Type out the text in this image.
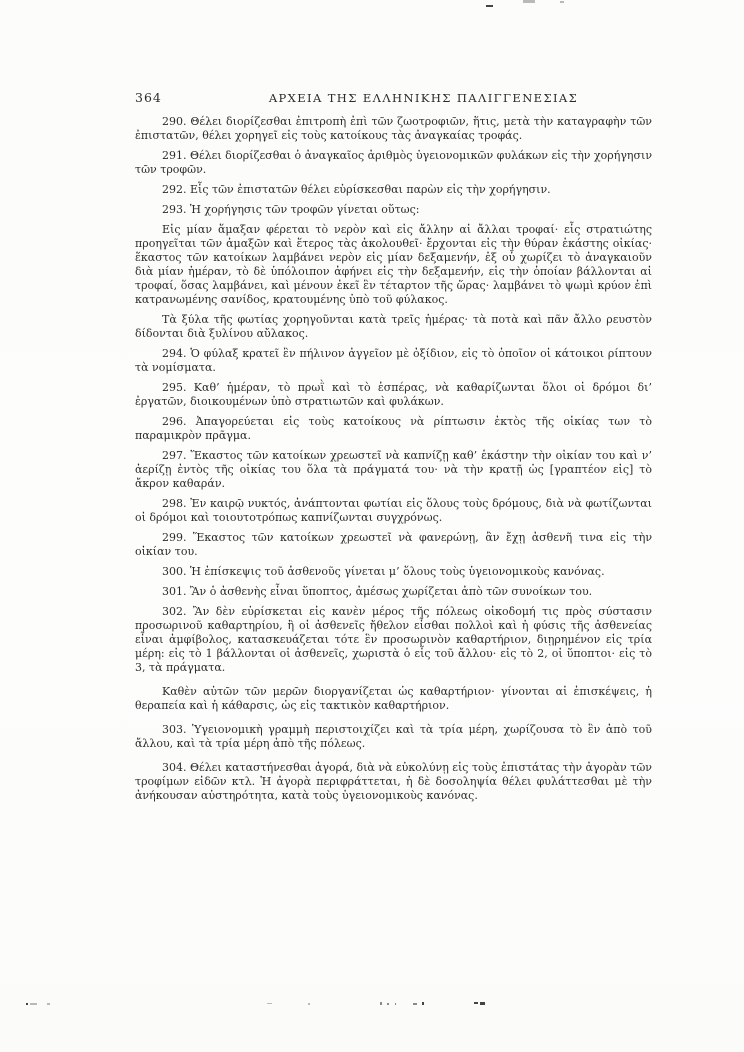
364	ΑΡΧΕΙΑ ΤΗΣ ΕΛΛΗΝΙΚΗΣ ΠΑΛΙΓΓΕΝΕΣΙΑΣ

290. Θέλει διορίζεσθαι ἐπιτροπὴ ἐπὶ τῶν ζωοτροφιῶν, ἥτις, μετὰ τὴν καταγραφὴν τῶν ἐπιστατῶν, θέλει χορηγεῖ εἰς τοὺς κατοίκους τὰς ἀναγκαίας τροφάς.

291. Θέλει διορίζεσθαι ὁ ἀναγκαῖος ἀριθμὸς ὑγειονομικῶν φυλάκων εἰς τὴν χορήγησιν τῶν τροφῶν.

292. Εἷς τῶν ἐπιστατῶν θέλει εὑρίσκεσθαι παρὼν εἰς τὴν χορήγησιν.

293. Ἡ χορήγησις τῶν τροφῶν γίνεται οὕτως:

Εἰς μίαν ἅμαξαν φέρεται τὸ νερὸν καὶ εἰς ἄλλην αἱ ἄλλαι τροφαί· εἷς στρατιώτης προηγεῖται τῶν ἁμαξῶν καὶ ἕτερος τὰς ἀκολουθεῖ· ἔρχονται εἰς τὴν θύραν ἑκάστης οἰκίας· ἕκαστος τῶν κατοίκων λαμβάνει νερὸν εἰς μίαν δεξαμενήν, ἐξ οὗ χωρίζει τὸ ἀναγκαιοῦν διὰ μίαν ἡμέραν, τὸ δὲ ὑπόλοιπον ἀφήνει εἰς τὴν δεξαμενήν, εἰς τὴν ὁποίαν βάλλονται αἱ τροφαί, ὅσας λαμβάνει, καὶ μένουν ἐκεῖ ἓν τέταρτον τῆς ὥρας· λαμβάνει τὸ ψωμὶ κρύον ἐπὶ κατρανωμένης σανίδος, κρατουμένης ὑπὸ τοῦ φύλακος.

Τὰ ξύλα τῆς φωτίας χορηγοῦνται κατὰ τρεῖς ἡμέρας· τὰ ποτὰ καὶ πᾶν ἄλλο ρευστὸν δίδονται διὰ ξυλίνου αὔλακος.

294. Ὁ φύλαξ κρατεῖ ἓν πήλινον ἀγγεῖον μὲ ὀξίδιον, εἰς τὸ ὁποῖον οἱ κάτοικοι ρίπτουν τὰ νομίσματα.

295. Καθ’ ἡμέραν, τὸ πρωῒ καὶ τὸ ἑσπέρας, νὰ καθαρίζωνται ὅλοι οἱ δρόμοι δι’ ἐργατῶν, διοικουμένων ὑπὸ στρατιωτῶν καὶ φυλάκων.

296. Ἀπαγορεύεται εἰς τοὺς κατοίκους νὰ ρίπτωσιν ἐκτὸς τῆς οἰκίας των τὸ παραμικρὸν πρᾶγμα.

297. Ἕκαστος τῶν κατοίκων χρεωστεῖ νὰ καπνίζῃ καθ’ ἑκάστην τὴν οἰκίαν του καὶ ν’ ἀερίζῃ ἐντὸς τῆς οἰκίας του ὅλα τὰ πράγματά του· νὰ τὴν κρατῇ ὡς [γραπτέον εἰς] τὸ ἄκρον καθαράν.

298. Ἐν καιρῷ νυκτός, ἀνάπτονται φωτίαι εἰς ὅλους τοὺς δρόμους, διὰ νὰ φωτίζωνται οἱ δρόμοι καὶ τοιουτοτρόπως καπνίζωνται συγχρόνως.

299. Ἕκαστος τῶν κατοίκων χρεωστεῖ νὰ φανερώνῃ, ἂν ἔχῃ ἀσθενῆ τινα εἰς τὴν οἰκίαν του.

300. Ἡ ἐπίσκεψις τοῦ ἀσθενοῦς γίνεται μ’ ὅλους τοὺς ὑγειονομικοὺς κανόνας.

301. Ἂν ὁ ἀσθενὴς εἶναι ὕποπτος, ἀμέσως χωρίζεται ἀπὸ τῶν συνοίκων του.

302. Ἂν δὲν εὑρίσκεται εἰς κανὲν μέρος τῆς πόλεως οἰκοδομή τις πρὸς σύστασιν προσωρινοῦ καθαρτηρίου, ἢ οἱ ἀσθενεῖς ἤθελον εἶσθαι πολλοὶ καὶ ἡ φύσις τῆς ἀσθενείας εἶναι ἀμφίβολος, κατασκευάζεται τότε ἓν προσωρινὸν καθαρτήριον, διῃρημένον εἰς τρία μέρη: εἰς τὸ 1 βάλλονται οἱ ἀσθενεῖς, χωριστὰ ὁ εἷς τοῦ ἄλλου· εἰς τὸ 2, οἱ ὕποπτοι· εἰς τὸ 3, τὰ πράγματα.

Καθὲν αὐτῶν τῶν μερῶν διοργανίζεται ὡς καθαρτήριον· γίνονται αἱ ἐπισκέψεις, ἡ θεραπεία καὶ ἡ κάθαρσις, ὡς εἰς τακτικὸν καθαρτήριον.

303. Ὑγειονομικὴ γραμμὴ περιστοιχίζει καὶ τὰ τρία μέρη, χωρίζουσα τὸ ἓν ἀπὸ τοῦ ἄλλου, καὶ τὰ τρία μέρη ἀπὸ τῆς πόλεως.

304. Θέλει καταστήνεσθαι ἀγορά, διὰ νὰ εὐκολύνῃ εἰς τοὺς ἐπιστάτας τὴν ἀγορὰν τῶν τροφίμων εἰδῶν κτλ. Ἡ ἀγορὰ περιφράττεται, ἡ δὲ δοσοληψία θέλει φυλάττεσθαι μὲ τὴν ἀνήκουσαν αὐστηρότητα, κατὰ τοὺς ὑγειονομικοὺς κανόνας.
